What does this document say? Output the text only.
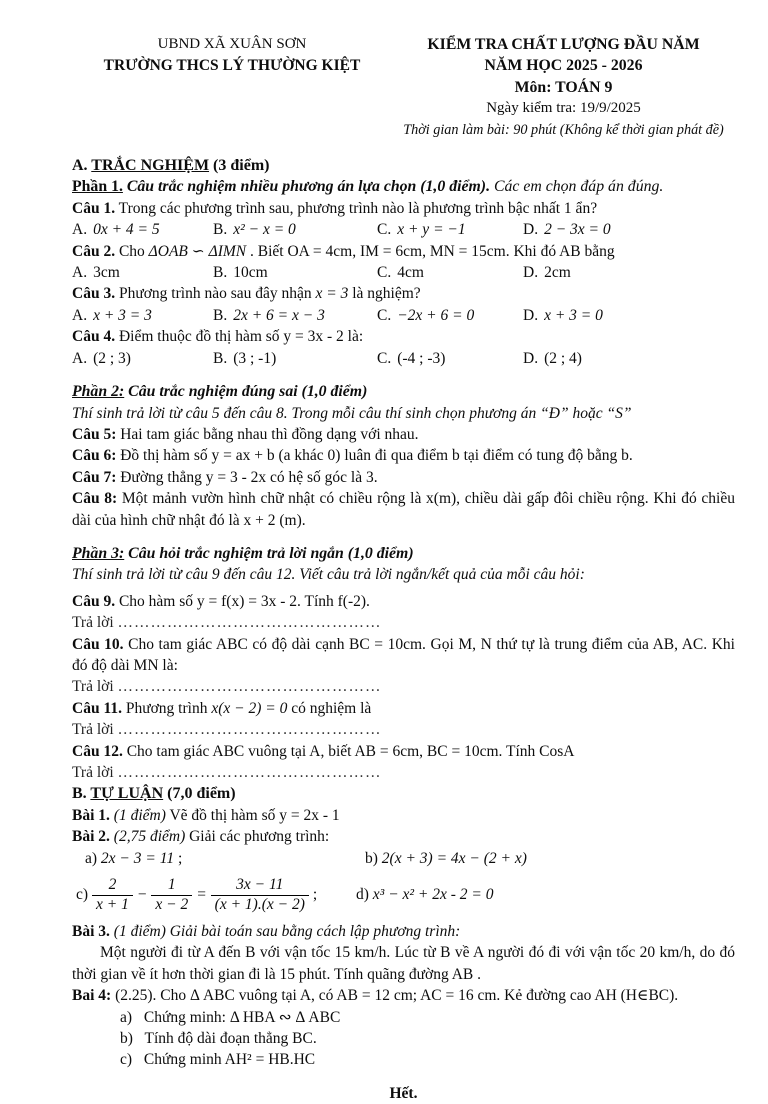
UBND XÃ XUÂN SƠN
TRƯỜNG THCS LÝ THƯỜNG KIỆT
KIỂM TRA CHẤT LƯỢNG ĐẦU NĂM
NĂM HỌC 2025 - 2026
Môn: TOÁN 9
Ngày kiểm tra: 19/9/2025
Thời gian làm bài: 90 phút (Không kể thời gian phát đề)

A. TRẮC NGHIỆM (3 điểm)

Phần 1. Câu trắc nghiệm nhiều phương án lựa chọn (1,0 điểm). Các em chọn đáp án đúng.

Câu 1. Trong các phương trình sau, phương trình nào là phương trình bậc nhất 1 ẩn?

A. 0x + 4 = 5	B. x² − x = 0	C. x + y = −1	D. 2 − 3x = 0

Câu 2. Cho ΔOAB ∽ ΔIMN . Biết OA = 4cm, IM = 6cm, MN = 15cm. Khi đó AB bằng

A. 3cm	B. 10cm	C. 4cm	D. 2cm

Câu 3. Phương trình nào sau đây nhận x = 3 là nghiệm?

A. x + 3 = 3	B. 2x + 6 = x − 3	C. −2x + 6 = 0	D. x + 3 = 0

Câu 4. Điểm thuộc đồ thị hàm số y = 3x - 2 là:

A. (2 ; 3)	B. (3 ; -1)	C. (-4 ; -3)	D. (2 ; 4)

Phần 2: Câu trắc nghiệm đúng sai (1,0 điểm)

Thí sinh trả lời từ câu 5 đến câu 8. Trong mỗi câu thí sinh chọn phương án “Đ” hoặc “S”

Câu 5: Hai tam giác bằng nhau thì đồng dạng với nhau.

Câu 6: Đồ thị hàm số y = ax + b (a khác 0) luân đi qua điểm b tại điểm có tung độ bằng b.

Câu 7: Đường thẳng y = 3 - 2x có hệ số góc là 3.

Câu 8: Một mảnh vườn hình chữ nhật có chiều rộng là x(m), chiều dài gấp đôi chiều rộng. Khi đó chiều dài của hình chữ nhật đó là x + 2 (m).

Phần 3: Câu hỏi trắc nghiệm trả lời ngắn (1,0 điểm)

Thí sinh trả lời từ câu 9 đến câu 12. Viết câu trả lời ngắn/kết quả của mỗi câu hỏi:

Câu 9. Cho hàm số y = f(x) = 3x - 2. Tính f(-2).

Trả lời …………………………………………

Câu 10. Cho tam giác ABC có độ dài cạnh BC = 10cm. Gọi M, N thứ tự là trung điểm của AB, AC. Khi đó độ dài MN là:

Trả lời …………………………………………

Câu 11. Phương trình x(x − 2) = 0 có nghiệm là

Trả lời …………………………………………

Câu 12. Cho tam giác ABC vuông tại A, biết AB = 6cm, BC = 10cm. Tính CosA

Trả lời …………………………………………

B. TỰ LUẬN (7,0 điểm)

Bài 1. (1 điểm) Vẽ đồ thị hàm số y = 2x - 1

Bài 2. (2,75 điểm) Giải các phương trình:

a) 2x − 3 = 11 ;	b) 2(x + 3) = 4x − (2 + x)
$c) \frac{2}{x + 1} - \frac{1}{x - 2} = \frac{3x - 11}{(x + 1).(x - 2)}$ ;	d) x³ − x² + 2x - 2 = 0

Bài 3. (1 điểm) Giải bài toán sau bằng cách lập phương trình:

Một người đi từ A đến B với vận tốc 15 km/h. Lúc từ B về A người đó đi với vận tốc 20 km/h, do đó thời gian về ít hơn thời gian đi là 15 phút. Tính quãng đường AB .

Bai 4: (2.25). Cho Δ ABC vuông tại A, có AB = 12 cm; AC = 16 cm. Kẻ đường cao AH (H∈BC).

a) Chứng minh: Δ HBA ∾ Δ ABC

b) Tính độ dài đoạn thẳng BC.

c) Chứng minh AH² = HB.HC

Hết.
